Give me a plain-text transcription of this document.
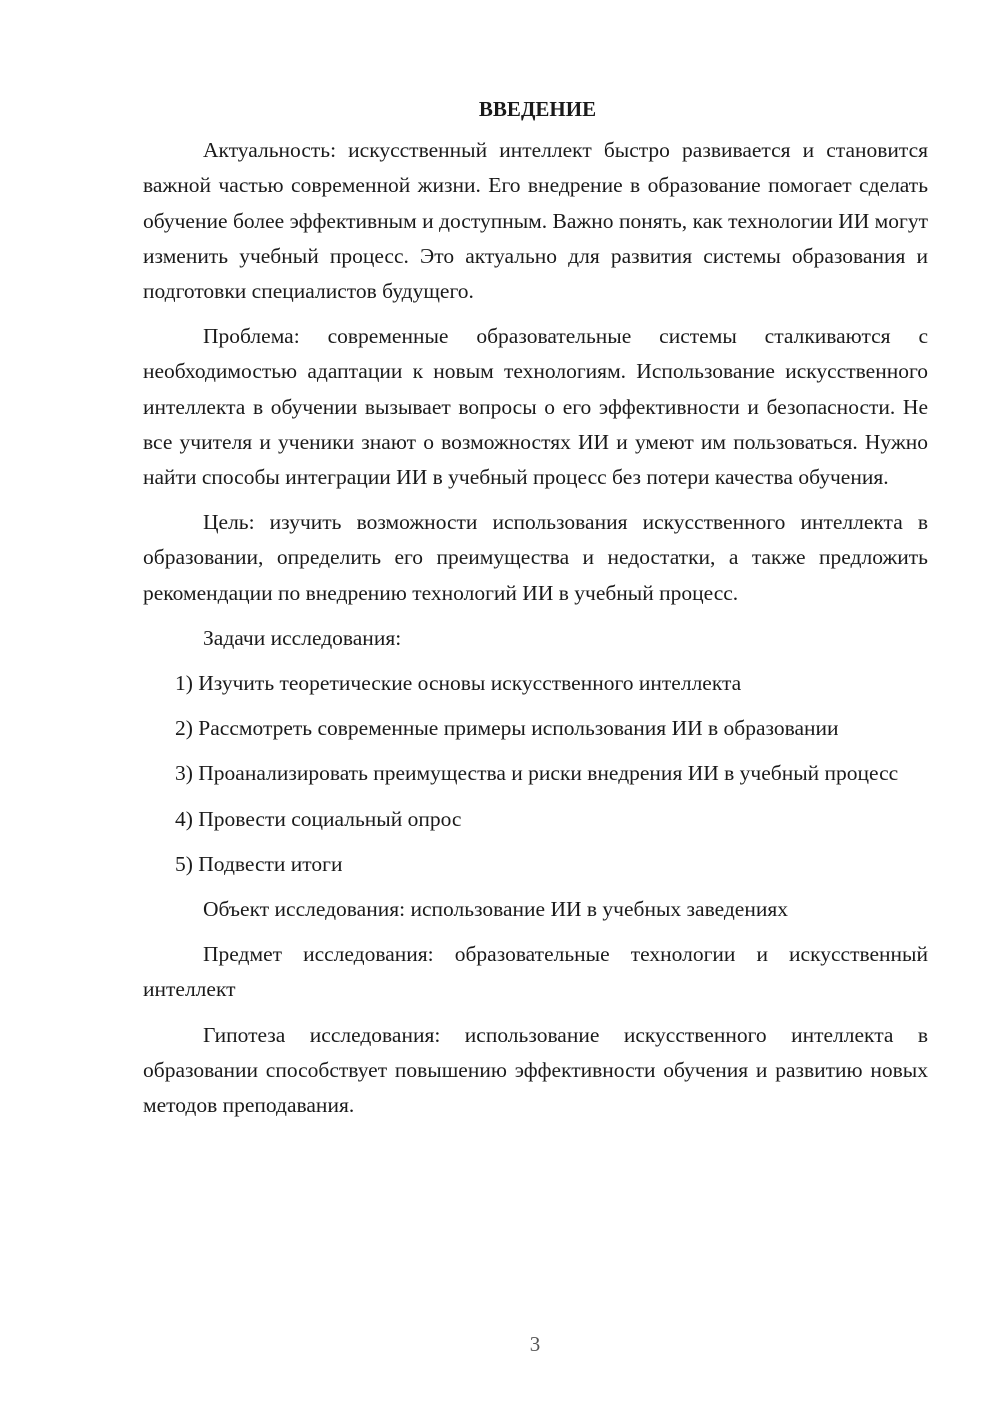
ВВЕДЕНИЕ

Актуальность: искусственный интеллект быстро развивается и становится важной частью современной жизни. Его внедрение в образование помогает сделать обучение более эффективным и доступным. Важно понять, как технологии ИИ могут изменить учебный процесс. Это актуально для развития системы образования и подготовки специалистов будущего.

Проблема: современные образовательные системы сталкиваются с необходимостью адаптации к новым технологиям. Использование искусственного интеллекта в обучении вызывает вопросы о его эффективности и безопасности. Не все учителя и ученики знают о возможностях ИИ и умеют им пользоваться. Нужно найти способы интеграции ИИ в учебный процесс без потери качества обучения.

Цель: изучить возможности использования искусственного интеллекта в образовании, определить его преимущества и недостатки, а также предложить рекомендации по внедрению технологий ИИ в учебный процесс.

Задачи исследования:

1) Изучить теоретические основы искусственного интеллекта

2) Рассмотреть современные примеры использования ИИ в образовании

3) Проанализировать преимущества и риски внедрения ИИ в учебный процесс

4) Провести социальный опрос

5) Подвести итоги

Объект исследования: использование ИИ в учебных заведениях

Предмет исследования: образовательные технологии и искусственный интеллект

Гипотеза исследования: использование искусственного интеллекта в образовании способствует повышению эффективности обучения и развитию новых методов преподавания.

3
